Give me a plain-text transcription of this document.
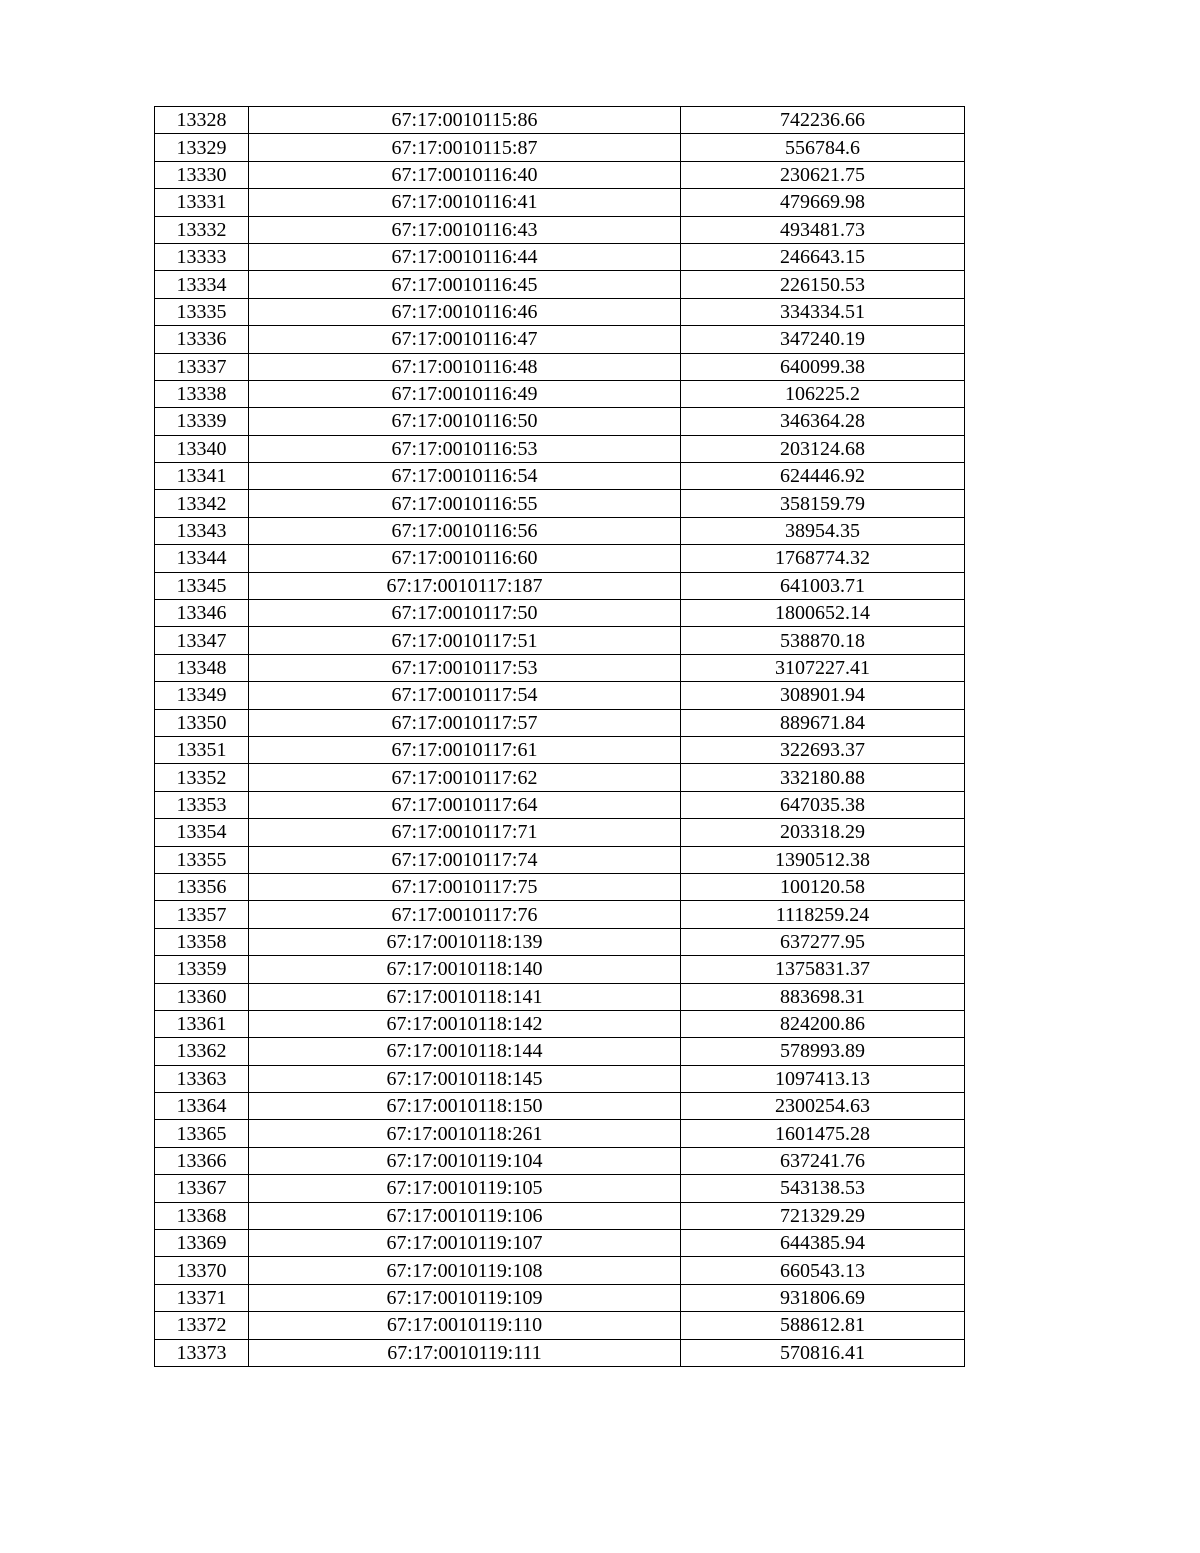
13328	67:17:0010115:86	742236.66
13329	67:17:0010115:87	556784.6
13330	67:17:0010116:40	230621.75
13331	67:17:0010116:41	479669.98
13332	67:17:0010116:43	493481.73
13333	67:17:0010116:44	246643.15
13334	67:17:0010116:45	226150.53
13335	67:17:0010116:46	334334.51
13336	67:17:0010116:47	347240.19
13337	67:17:0010116:48	640099.38
13338	67:17:0010116:49	106225.2
13339	67:17:0010116:50	346364.28
13340	67:17:0010116:53	203124.68
13341	67:17:0010116:54	624446.92
13342	67:17:0010116:55	358159.79
13343	67:17:0010116:56	38954.35
13344	67:17:0010116:60	1768774.32
13345	67:17:0010117:187	641003.71
13346	67:17:0010117:50	1800652.14
13347	67:17:0010117:51	538870.18
13348	67:17:0010117:53	3107227.41
13349	67:17:0010117:54	308901.94
13350	67:17:0010117:57	889671.84
13351	67:17:0010117:61	322693.37
13352	67:17:0010117:62	332180.88
13353	67:17:0010117:64	647035.38
13354	67:17:0010117:71	203318.29
13355	67:17:0010117:74	1390512.38
13356	67:17:0010117:75	100120.58
13357	67:17:0010117:76	1118259.24
13358	67:17:0010118:139	637277.95
13359	67:17:0010118:140	1375831.37
13360	67:17:0010118:141	883698.31
13361	67:17:0010118:142	824200.86
13362	67:17:0010118:144	578993.89
13363	67:17:0010118:145	1097413.13
13364	67:17:0010118:150	2300254.63
13365	67:17:0010118:261	1601475.28
13366	67:17:0010119:104	637241.76
13367	67:17:0010119:105	543138.53
13368	67:17:0010119:106	721329.29
13369	67:17:0010119:107	644385.94
13370	67:17:0010119:108	660543.13
13371	67:17:0010119:109	931806.69
13372	67:17:0010119:110	588612.81
13373	67:17:0010119:111	570816.41
